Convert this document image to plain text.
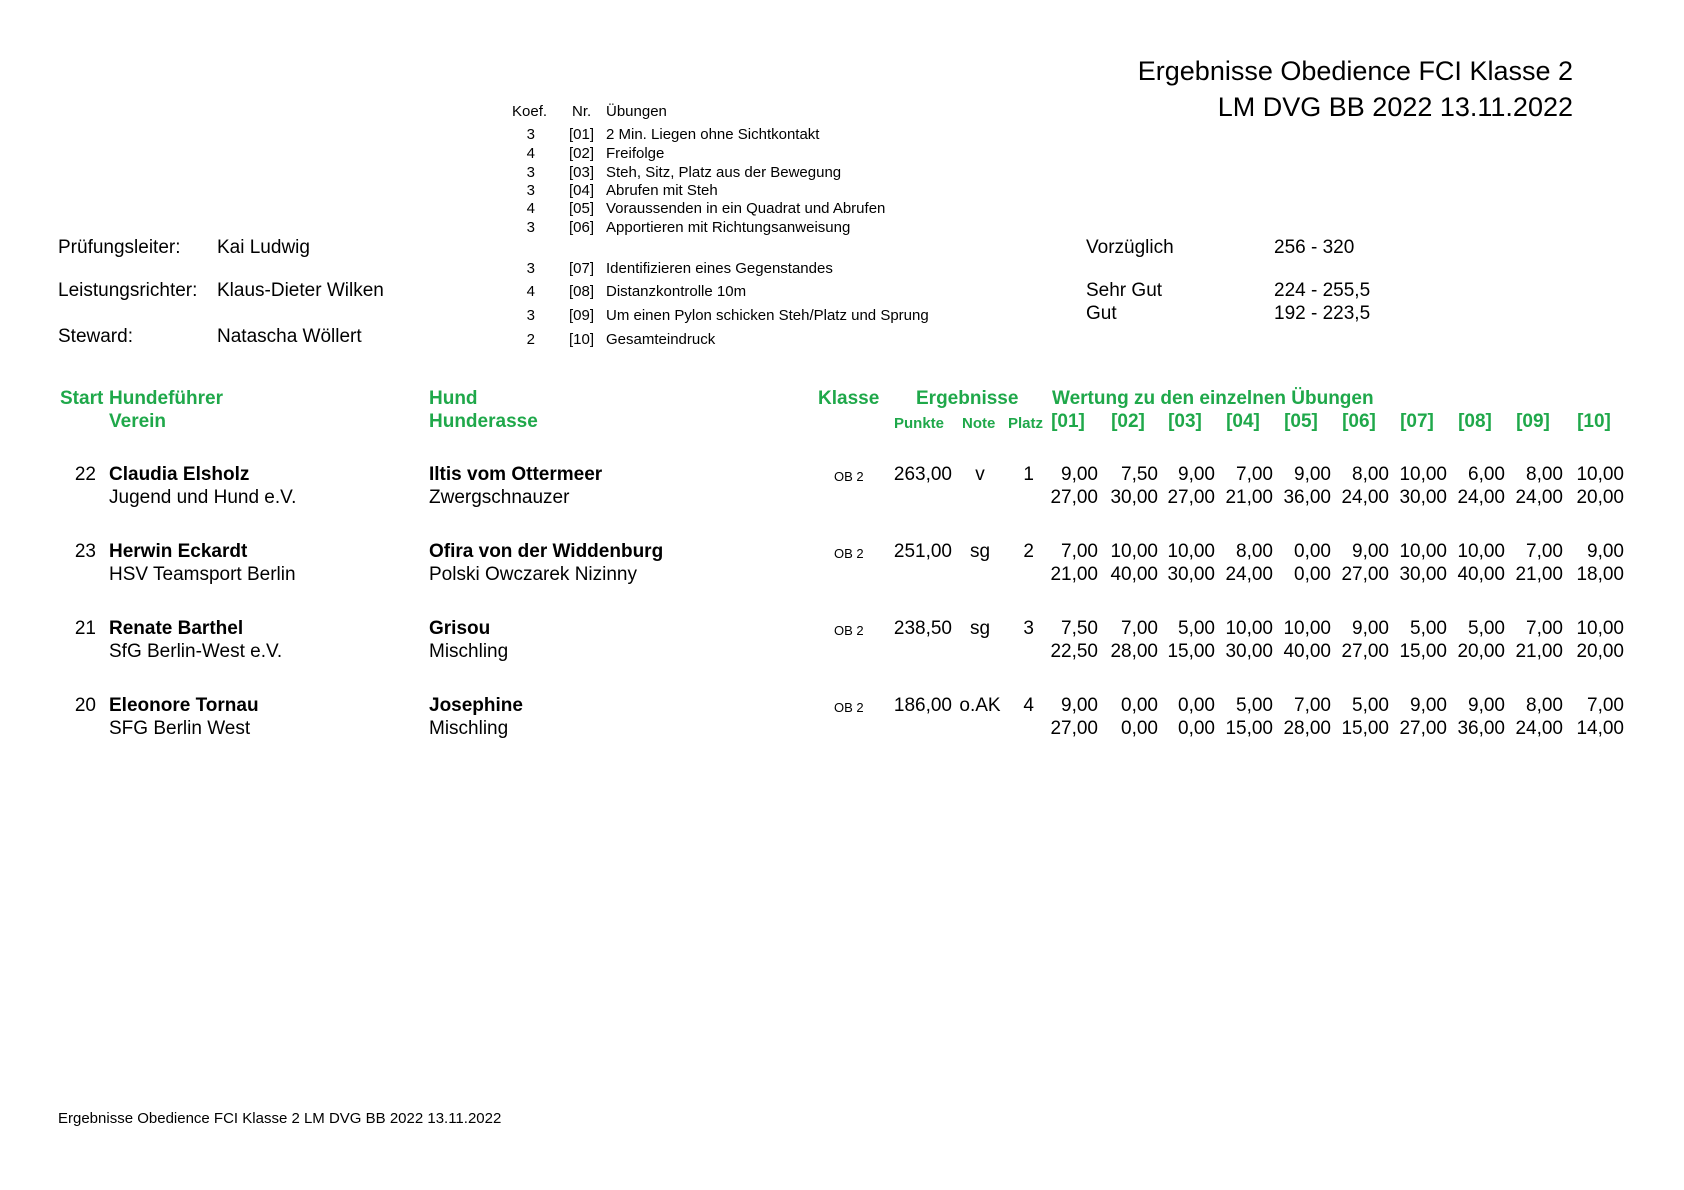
Ergebnisse Obedience FCI Klasse 2
LM DVG BB 2022 13.11.2022
Koef. Nr. Übungen
3	[01] 2 Min. Liegen ohne Sichtkontakt
4	[02] Freifolge
3	[03] Steh, Sitz, Platz aus der Bewegung
3	[04] Abrufen mit Steh
4	[05] Voraussenden in ein Quadrat und Abrufen
3	[06] Apportieren mit Richtungsanweisung
3	[07] Identifizieren eines Gegenstandes
4	[08] Distanzkontrolle 10m
3	[09] Um einen Pylon schicken Steh/Platz und Sprung
2	[10] Gesamteindruck
Prüfungsleiter: Kai Ludwig
Leistungsrichter: Klaus-Dieter Wilken
Steward:	Natascha Wöllert
Vorzüglich	256 - 320
Sehr Gut	224 - 255,5
Gut	192 - 223,5
Start Hundeführer
Verein
Hund
Hunderasse
Klasse Ergebnisse
Punkte Note Platz
Wertung zu den einzelnen Übungen
[01]	[02]	[03]	[04]	[05]	[06]	[07]	[08]	[09]	[10]
22 Claudia Elsholz
Jugend und Hund e.V.
Iltis vom Ottermeer
Zwergschnauzer
OB 2	263,00	v	1	9,00	7,50	9,00	7,00	9,00	8,00 10,00	6,00	8,00 10,00
27,00 30,00 27,00 21,00 36,00 24,00 30,00 24,00 24,00 20,00
23 Herwin Eckardt
HSV Teamsport Berlin
Ofira von der Widdenburg
Polski Owczarek Nizinny
OB 2	251,00 sg	2	7,00 10,00 10,00	8,00	0,00	9,00 10,00 10,00	7,00	9,00
21,00 40,00 30,00 24,00	0,00 27,00 30,00 40,00 21,00 18,00
21 Renate Barthel
SfG Berlin-West e.V.
Grisou
Mischling
OB 2	238,50 sg	3	7,50	7,00	5,00 10,00 10,00	9,00	5,00	5,00	7,00 10,00
22,50 28,00 15,00 30,00 40,00 27,00 15,00 20,00 21,00 20,00
20 Eleonore Tornau
SFG Berlin West
Josephine
Mischling
OB 2	186,00 o.AK	4	9,00	0,00	0,00	5,00	7,00	5,00	9,00	9,00	8,00	7,00
27,00	0,00	0,00 15,00 28,00 15,00 27,00 36,00 24,00 14,00
Ergebnisse Obedience FCI Klasse 2 LM DVG BB 2022 13.11.2022
